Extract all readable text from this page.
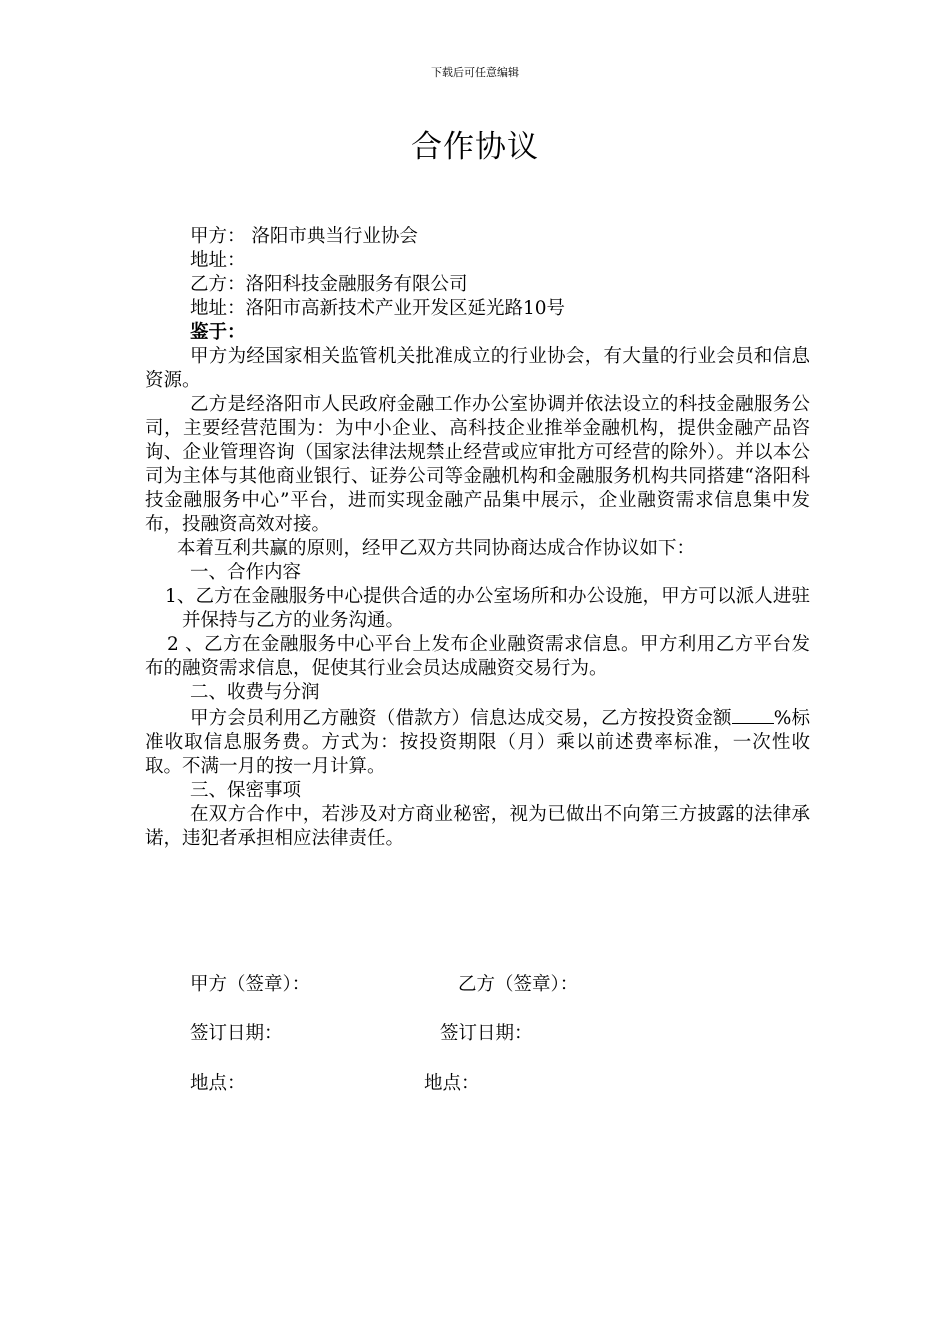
下载后可任意编辑
合作协议

甲方： 洛阳市典当行业协会

地址：

乙方：洛阳科技金融服务有限公司

地址：洛阳市高新技术产业开发区延光路10号

鉴于：

甲方为经国家相关监管机关批准成立的行业协会，有大量的行业会员和信息资源。

乙方是经洛阳市人民政府金融工作办公室协调并依法设立的科技金融服务公司，主要经营范围为：为中小企业、高科技企业推举金融机构，提供金融产品咨询、企业管理咨询（国家法律法规禁止经营或应审批方可经营的除外）。并以本公司为主体与其他商业银行、证券公司等金融机构和金融服务机构共同搭建“洛阳科技金融服务中心”平台，进而实现金融产品集中展示，企业融资需求信息集中发布，投融资高效对接。

本着互利共赢的原则，经甲乙双方共同协商达成合作协议如下：

一、合作内容

1、乙方在金融服务中心提供合适的办公室场所和办公设施，甲方可以派人进驻并保持与乙方的业务沟通。

2 、乙方在金融服务中心平台上发布企业融资需求信息。甲方利用乙方平台发布的融资需求信息，促使其行业会员达成融资交易行为。

二、收费与分润

甲方会员利用乙方融资（借款方）信息达成交易，乙方按投资金额 %标准收取信息服务费。方式为：按投资期限（月）乘以前述费率标准，一次性收取。不满一月的按一月计算。

三、保密事项

在双方合作中，若涉及对方商业秘密，视为已做出不向第三方披露的法律承诺，违犯者承担相应法律责任。

甲方（签章）：	乙方（签章）：
签订日期：	签订日期：
地点：	地点：
